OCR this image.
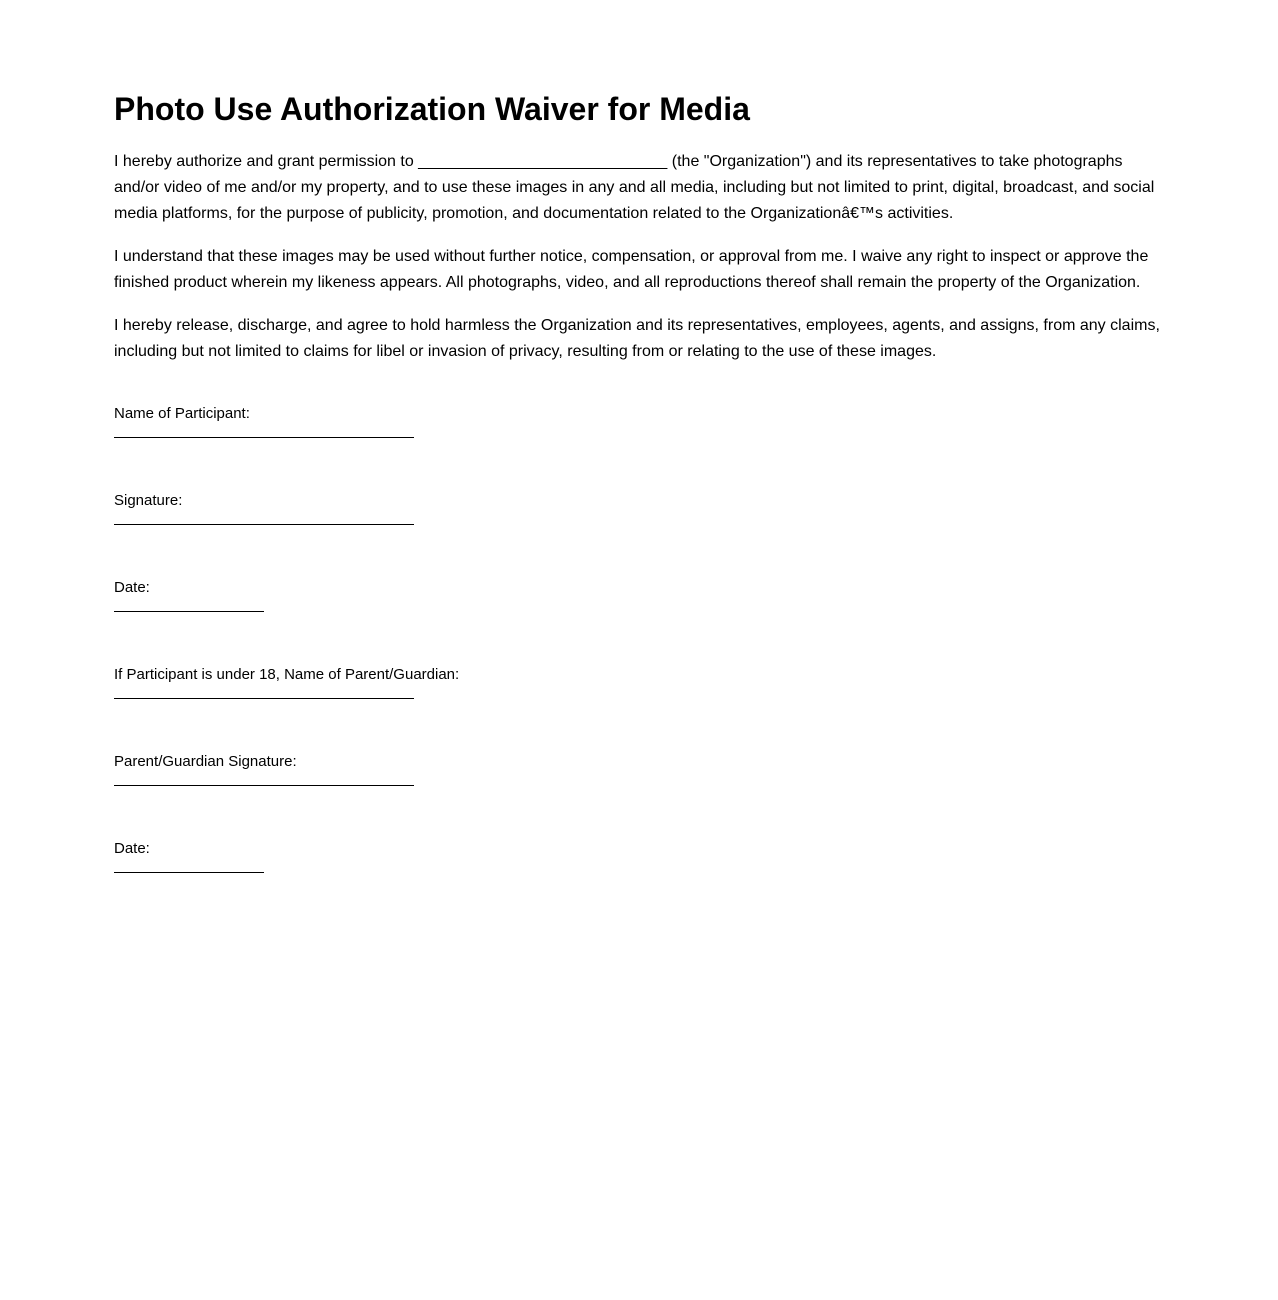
Photo Use Authorization Waiver for Media

I hereby authorize and grant permission to ____________________________ (the "Organization") and its representatives to take photographs and/or video of me and/or my property, and to use these images in any and all media, including but not limited to print, digital, broadcast, and social media platforms, for the purpose of publicity, promotion, and documentation related to the Organizationâ€™s activities.

I understand that these images may be used without further notice, compensation, or approval from me. I waive any right to inspect or approve the finished product wherein my likeness appears. All photographs, video, and all reproductions thereof shall remain the property of the Organization.

I hereby release, discharge, and agree to hold harmless the Organization and its representatives, employees, agents, and assigns, from any claims, including but not limited to claims for libel or invasion of privacy, resulting from or relating to the use of these images.

Name of Participant:
Signature:
Date:
If Participant is under 18, Name of Parent/Guardian:
Parent/Guardian Signature:
Date:
